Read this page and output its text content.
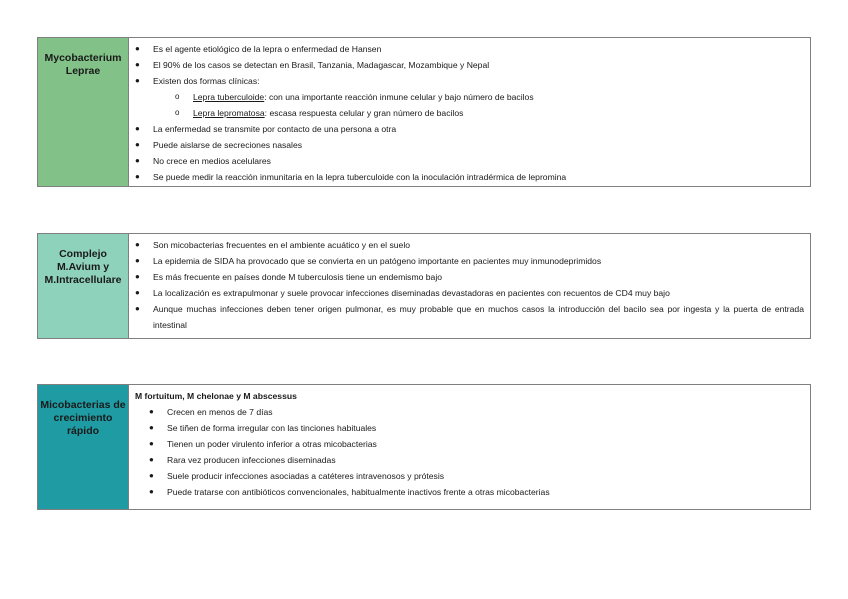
Mycobacterium Leprae
●	Es el agente etiológico de la lepra o enfermedad de Hansen
●	El 90% de los casos se detectan en Brasil, Tanzania, Madagascar, Mozambique y Nepal
●	Existen dos formas clínicas:
o	Lepra tuberculoide : con una importante reacción inmune celular y bajo número de bacilos
o	Lepra lepromatosa : escasa respuesta celular y gran número de bacilos
●	La enfermedad se transmite por contacto de una persona a otra
●	Puede aislarse de secreciones nasales
●	No crece en medios acelulares
●	Se puede medir la reacción inmunitaria en la lepra tuberculoide con la inoculación intradérmica de lepromina
Complejo M.Avium y M.Intracellulare
●	Son micobacterias frecuentes en el ambiente acuático y en el suelo
●	La epidemia de SIDA ha provocado que se convierta en un patógeno importante en pacientes muy inmunodeprimidos
●	Es más frecuente en países donde M tuberculosis tiene un endemismo bajo
●	La localización es extrapulmonar y suele provocar infecciones diseminadas devastadoras en pacientes con recuentos de CD4 muy bajo
●	Aunque muchas infecciones deben tener origen pulmonar, es muy probable que en muchos casos la introducción del bacilo sea por ingesta y la puerta de entrada intestinal
Micobacterias de crecimiento rápido
M fortuitum, M chelonae y M abscessus
●	Crecen en menos de 7 días
●	Se tiñen de forma irregular con las tinciones habituales
●	Tienen un poder virulento inferior a otras micobacterias
●	Rara vez producen infecciones diseminadas
●	Suele producir infecciones asociadas a catéteres intravenosos y prótesis
●	Puede tratarse con antibióticos convencionales, habitualmente inactivos frente a otras micobacterias
